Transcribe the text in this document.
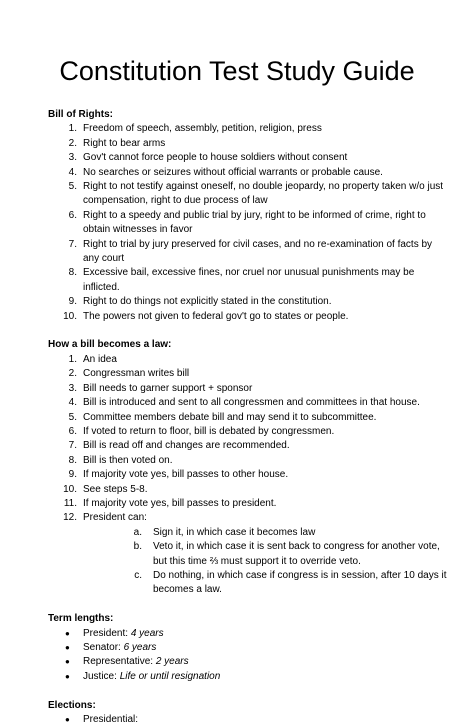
Constitution Test Study Guide
Bill of Rights:
1. Freedom of speech, assembly, petition, religion, press
2. Right to bear arms
3. Gov't cannot force people to house soldiers without consent
4. No searches or seizures without official warrants or probable cause.
5. Right to not testify against oneself, no double jeopardy, no property taken w/o just compensation, right to due process of law
6. Right to a speedy and public trial by jury, right to be informed of crime, right to obtain witnesses in favor
7. Right to trial by jury preserved for civil cases, and no re-examination of facts by any court
8. Excessive bail, excessive fines, nor cruel nor unusual punishments may be inflicted.
9. Right to do things not explicitly stated in the constitution.
10. The powers not given to federal gov't go to states or people.
How a bill becomes a law:
1. An idea
2. Congressman writes bill
3. Bill needs to garner support + sponsor
4. Bill is introduced and sent to all congressmen and committees in that house.
5. Committee members debate bill and may send it to subcommittee.
6. If voted to return to floor, bill is debated by congressmen.
7. Bill is read off and changes are recommended.
8. Bill is then voted on.
9. If majority vote yes, bill passes to other house.
10. See steps 5-8.
11. If majority vote yes, bill passes to president.
12. President can:
a. Sign it, in which case it becomes law
b. Veto it, in which case it is sent back to congress for another vote, but this time ⅔ must support it to override veto.
c. Do nothing, in which case if congress is in session, after 10 days it becomes a law.
Term lengths:
● President: 4 years
● Senator: 6 years
● Representative: 2 years
● Justice: Life or until resignation
Elections:
● Presidential:
